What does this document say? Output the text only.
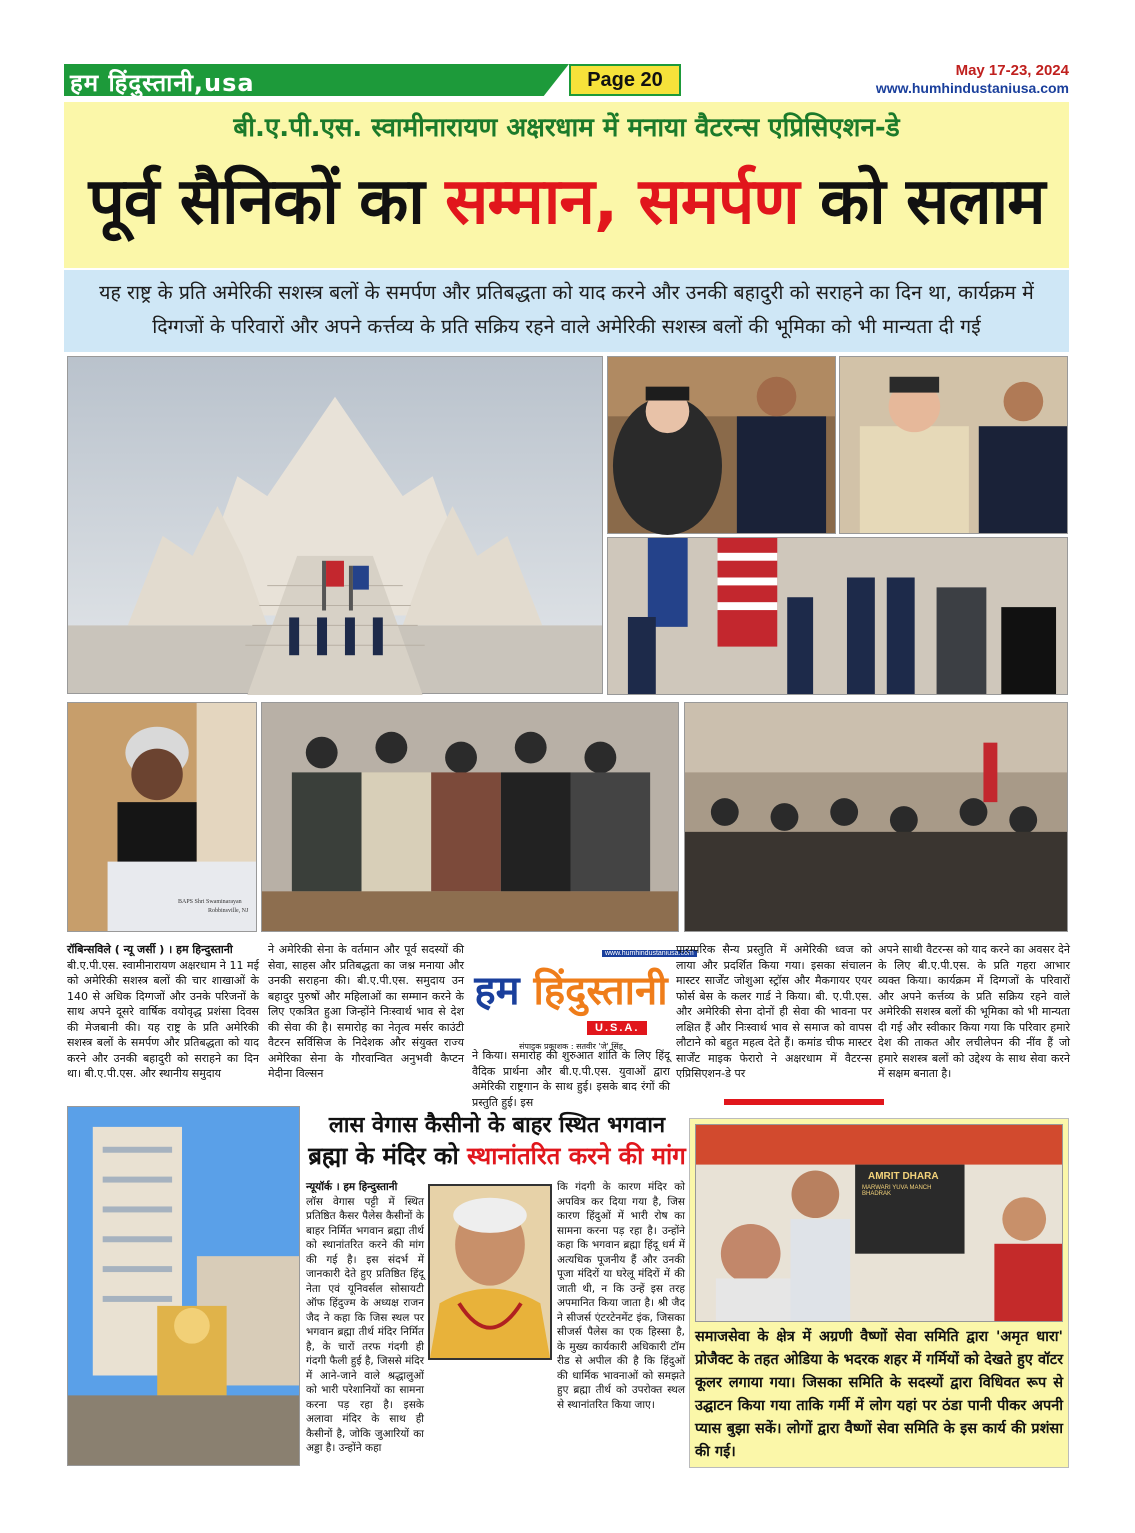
हम हिंदुस्तानी,usa	Page 20	May 17-23, 2024
www.humhindustaniusa.com
बी.ए.पी.एस. स्वामीनारायण अक्षरधाम में मनाया वैटरन्स एप्रिसिएशन-डे
पूर्व सैनिकों का सम्मान, समर्पण को सलाम
यह राष्ट्र के प्रति अमेरिकी सशस्त्र बलों के समर्पण और प्रतिबद्धता को याद करने और उनकी बहादुरी को सराहने का दिन था, कार्यक्रम में दिग्गजों के परिवारों और अपने कर्त्तव्य के प्रति सक्रिय रहने वाले अमेरिकी सशस्त्र बलों की भूमिका को भी मान्यता दी गई
BAPS Shri Swaminarayan
Robbinsville, NJ
रॉबिन्सविले ( न्यू जर्सी ) । हम हिन्दुस्तानी
बी.ए.पी.एस. स्वामीनारायण अक्षरधाम ने 11 मई को अमेरिकी सशस्त्र बलों की चार शाखाओं के 140 से अधिक दिग्गजों और उनके परिजनों के साथ अपने दूसरे वार्षिक वयोवृद्ध प्रशंसा दिवस की मेजबानी की। यह राष्ट्र के प्रति अमेरिकी सशस्त्र बलों के समर्पण और प्रतिबद्धता को याद करने और उनकी बहादुरी को सराहने का दिन था। बी.ए.पी.एस. और स्थानीय समुदाय
ने अमेरिकी सेना के वर्तमान और पूर्व सदस्यों की सेवा, साहस और प्रतिबद्धता का जश्न मनाया और उनकी सराहना की। बी.ए.पी.एस. समुदाय उन बहादुर पुरुषों और महिलाओं का सम्मान करने के लिए एकत्रित हुआ जिन्होंने निःस्वार्थ भाव से देश की सेवा की है। समारोह का नेतृत्व मर्सर काउंटी वैटरन सर्विसिज के निदेशक और संयुक्त राज्य अमेरिका सेना के गौरवान्वित अनुभवी कैप्टन मेदीना विल्सन
www.humhindustaniusa.com
हम हिंदुस्तानी
U.S.A.
संपादक प्रकाशक : सतवीर 'जे' सिंह
ने किया। समारोह की शुरुआत शांति के लिए हिंदू वैदिक प्रार्थना और बी.ए.पी.एस. युवाओं द्वारा अमेरिकी राष्ट्रगान के साथ हुई। इसके बाद रंगों की प्रस्तुति हुई। इस
पारम्परिक सैन्य प्रस्तुति में अमेरिकी ध्वज को लाया और प्रदर्शित किया गया। इसका संचालन मास्टर सार्जेंट जोशुआ स्ट्रॉस और मैकगायर एयर फोर्स बेस के कलर गार्ड ने किया। बी. ए.पी.एस. और अमेरिकी सेना दोनों ही सेवा की भावना पर लक्षित हैं और निःस्वार्थ भाव से समाज को वापस लौटाने को बहुत महत्व देते हैं। कमांड चीफ मास्टर सार्जेंट माइक फेरारो ने अक्षरधाम में वैटरन्स एप्रिसिएशन-डे पर
अपने साथी वैटरन्स को याद करने का अवसर देने के लिए बी.ए.पी.एस. के प्रति गहरा आभार व्यक्त किया। कार्यक्रम में दिग्गजों के परिवारों और अपने कर्त्तव्य के प्रति सक्रिय रहने वाले अमेरिकी सशस्त्र बलों की भूमिका को भी मान्यता दी गई और स्वीकार किया गया कि परिवार हमारे देश की ताकत और लचीलेपन की नींव हैं जो हमारे सशस्त्र बलों को उद्देश्य के साथ सेवा करने में सक्षम बनाता है।
लास वेगास कैसीनो के बाहर स्थित भगवान
ब्रह्मा के मंदिर को स्थानांतरित करने की मांग
न्यूयॉर्क । हम हिन्दुस्तानी
लॉस वेगास पट्टी में स्थित प्रतिष्ठित कैसर पैलेस कैसीनों के बाहर निर्मित भगवान ब्रह्मा तीर्थ को स्थानांतरित करने की मांग की गई है। इस संदर्भ में जानकारी देते हुए प्रतिष्ठित हिंदू नेता एवं यूनिवर्सल सोसायटी ऑफ हिंदुज्म के अध्यक्ष राजन जैद ने कहा कि जिस स्थल पर भगवान ब्रह्मा तीर्थ मंदिर निर्मित है, के चारों तरफ गंदगी ही गंदगी फैली हुई है, जिससे मंदिर में आने-जाने वाले श्रद्धालुओं को भारी परेशानियों का सामना करना पड़ रहा है। इसके अलावा मंदिर के साथ ही कैसीनों है, जोकि जुआरियों का अड्डा है। उन्होंने कहा
कि गंदगी के कारण मंदिर को अपवित्र कर दिया गया है, जिस कारण हिंदुओं में भारी रोष का सामना करना पड़ रहा है। उन्होंने कहा कि भगवान ब्रह्मा हिंदू धर्म में अत्यधिक पूजनीय हैं और उनकी पूजा मंदिरों या घरेलू मंदिरों में की जाती थी, न कि उन्हें इस तरह अपमानित किया जाता है। श्री जैद ने सीजर्स एंटरटेनमेंट इंक, जिसका सीजर्स पैलेस का एक हिस्सा है, के मुख्य कार्यकारी अधिकारी टॉम रीड से अपील की है कि हिंदुओं की धार्मिक भावनाओं को समझते हुए ब्रह्मा तीर्थ को उपरोक्त स्थल से स्थानांतरित किया जाए।
AMRIT DHARA
MARWARI YUVA MANCH BHADRAK
समाजसेवा के क्षेत्र में अग्रणी वैष्णों सेवा समिति द्वारा 'अमृत धारा' प्रोजैक्ट के तहत ओडिया के भदरक शहर में गर्मियों को देखते हुए वॉटर कूलर लगाया गया। जिसका समिति के सदस्यों द्वारा विधिवत रूप से उद्घाटन किया गया ताकि गर्मी में लोग यहां पर ठंडा पानी पीकर अपनी प्यास बुझा सकें। लोगों द्वारा वैष्णों सेवा समिति के इस कार्य की प्रशंसा की गई।
